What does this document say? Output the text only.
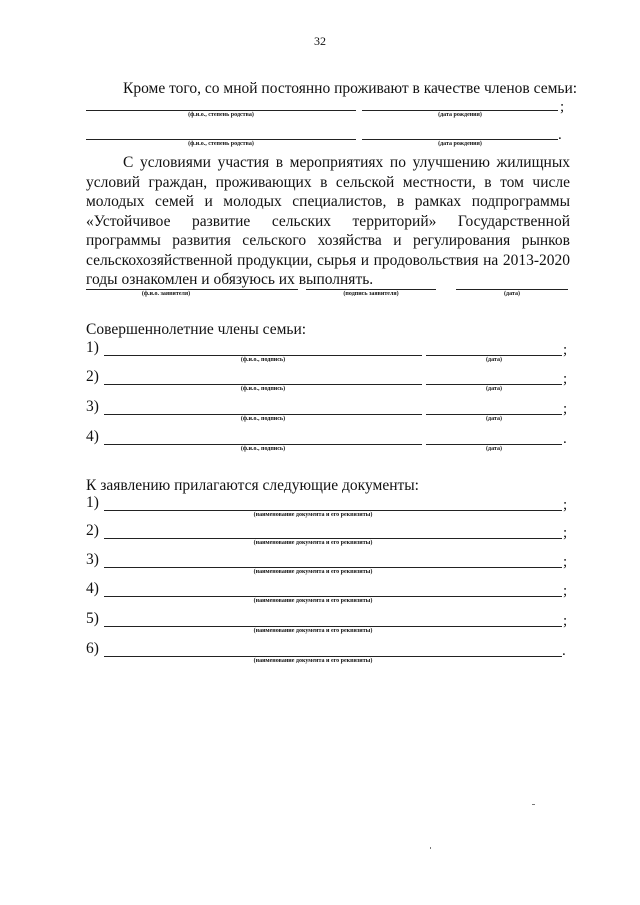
32
Кроме того, со мной постоянно проживают в качестве членов семьи:
;
(ф.и.о., степень родства)	(дата рождения)
.
(ф.и.о., степень родства)	(дата рождения)
С условиями участия в мероприятиях по улучшению жилищных условий граждан, проживающих в сельской местности, в том числе молодых семей и молодых специалистов, в рамках подпрограммы «Устойчивое развитие сельских территорий» Государственной программы развития сельского хозяйства и регулирования рынков сельскохозяйственной продукции, сырья и продовольствия на 2013-2020 годы ознакомлен и обязуюсь их выполнять.
(ф.и.о. заявителя)	(подпись заявителя)	(дата)
Совершеннолетние члены семьи:
1)	;
(ф.и.о., подпись)	(дата)
2)	;
(ф.и.о., подпись)	(дата)
3)	;
(ф.и.о., подпись)	(дата)
4)	.
(ф.и.о., подпись)	(дата)
К заявлению прилагаются следующие документы:
1)	;
(наименование документа и его реквизиты)
2)	;
(наименование документа и его реквизиты)
3)	;
(наименование документа и его реквизиты)
4)	;
(наименование документа и его реквизиты)
5)	;
(наименование документа и его реквизиты)
6)	.
(наименование документа и его реквизиты)
